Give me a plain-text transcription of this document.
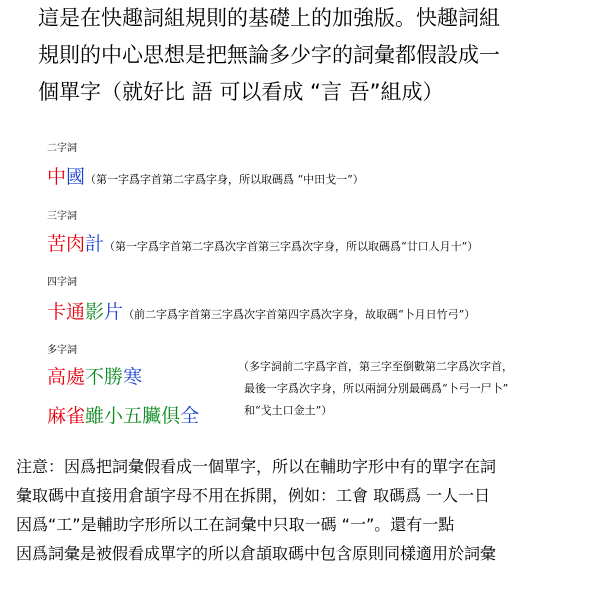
這是在快趣詞組規則的基礎上的加強版。快趣詞組
規則的中心思想是把無論多少字的詞彙都假設成一
個單字（就好比 語 可以看成 “言 吾”組成）
二字詞
中國（第一字爲字首第二字爲字身，所以取碼爲 “中田戈一”）
三字詞
苦肉計（第一字爲字首第二字爲次字首第三字爲次字身，所以取碼爲“廿口人月十”）
四字詞
卡通影片（前二字爲字首第三字爲次字首第四字爲次字身，故取碼“卜月日竹弓”）
多字詞
高處不勝寒
麻雀雖小五臟俱全
（多字詞前二字爲字首，第三字至倒數第二字爲次字首，
最後一字爲次字身，所以兩詞分別最碼爲“卜弓一尸卜”
和“戈土口金土”）
注意：因爲把詞彙假看成一個單字，所以在輔助字形中有的單字在詞
彙取碼中直接用倉頡字母不用在拆開，例如：工會 取碼爲 一人一日
因爲“工”是輔助字形所以工在詞彙中只取一碼 “一”。還有一點
因爲詞彙是被假看成單字的所以倉頡取碼中包含原則同樣適用於詞彙
